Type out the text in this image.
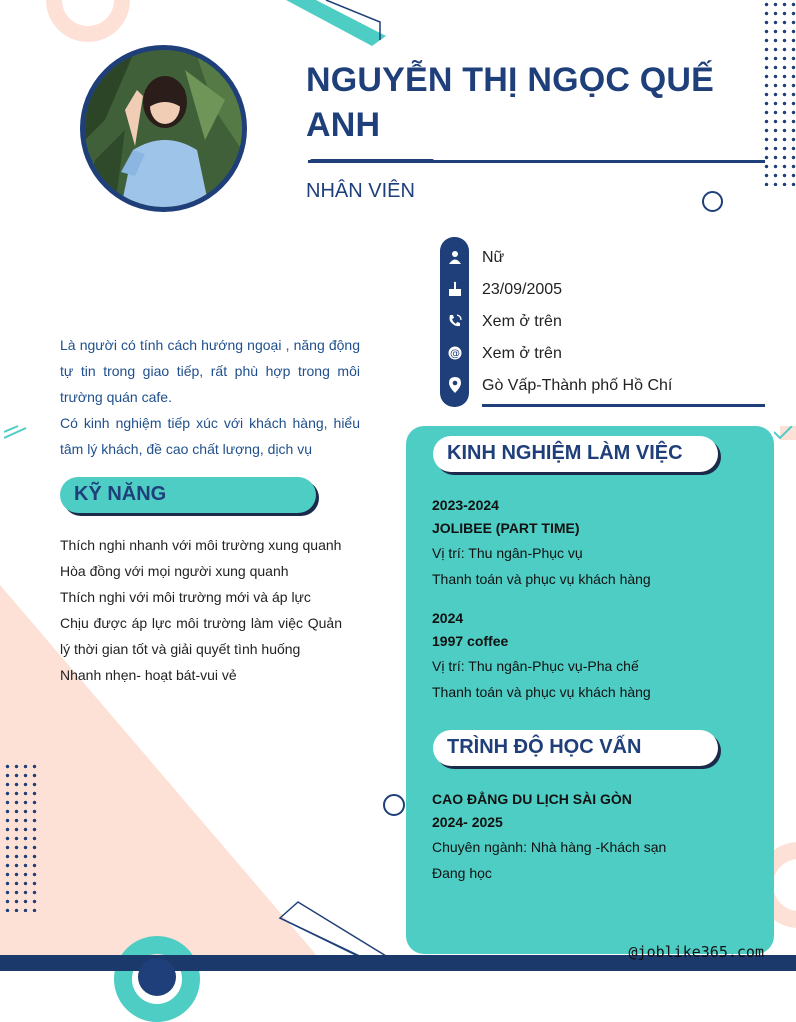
NGUYỄN THỊ NGỌC QUẾ ANH
NHÂN VIÊN
Nữ
23/09/2005
Xem ở trên
@ Xem ở trên
Gò Vấp-Thành phố Hồ Chí

Là người có tính cách hướng ngoại , năng động tự tin trong giao tiếp, rất phù hợp trong môi trường quán cafe.

Có kinh nghiệm tiếp xúc với khách hàng, hiểu tâm lý khách, đề cao chất lượng, dịch vụ

KỸ NĂNG
Thích nghi nhanh với môi trường xung quanh
Hòa đồng với mọi người xung quanh
Thích nghi với môi trường mới và áp lực
Chịu được áp lực môi trường làm việc Quản lý thời gian tốt và giải quyết tình huống
Nhanh nhẹn- hoạt bát-vui vẻ
KINH NGHIỆM LÀM VIỆC
2023-2024
JOLIBEE (PART TIME)
Vị trí: Thu ngân-Phục vụ
Thanh toán và phục vụ khách hàng
2024
1997 coffee
Vị trí: Thu ngân-Phục vụ-Pha chế
Thanh toán và phục vụ khách hàng
TRÌNH ĐỘ HỌC VẤN
CAO ĐẲNG DU LỊCH SÀI GÒN
2024- 2025
Chuyên ngành: Nhà hàng -Khách sạn
Đang học
@joblike365.com
